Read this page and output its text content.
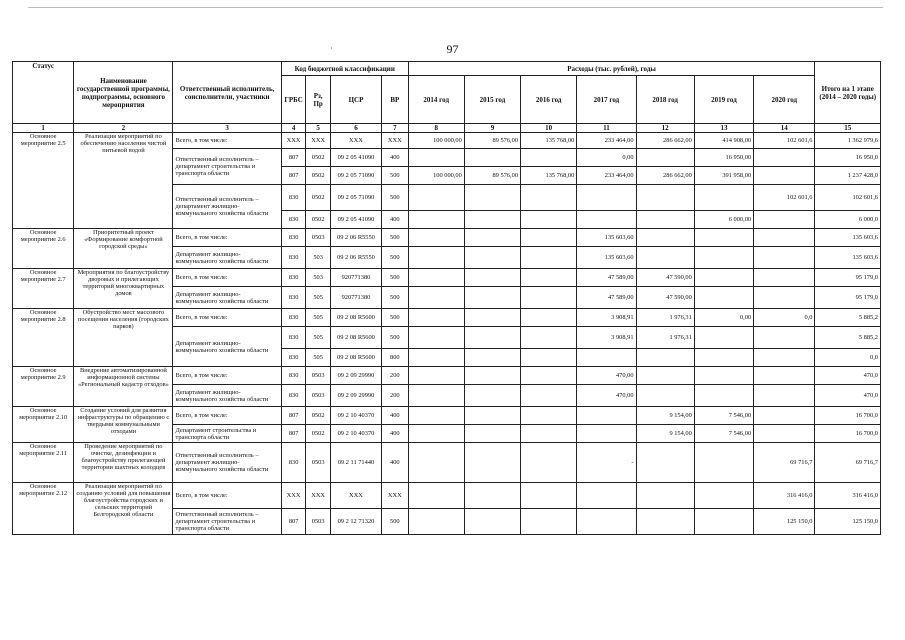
97
Статус	Наименование государственной программы, подпрограммы, основного мероприятия	Ответственный исполнитель, соисполнители, участники	Код бюджетной классификации				Расходы (тыс. рублей), годы							Итого на 1 этапе (2014 – 2020 годы)
			ГРБС	Рз, Пр	ЦСР	ВР	2014 год	2015 год	2016 год	2017 год	2018 год	2019 год	2020 год	
1	2	3	4	5	6	7	8	9	10	11	12	13	14	15
Основное мероприятие 2.5	Реализация мероприятий по обеспечению населения чистой питьевой водой	Всего, в том числе:	XXX	XXX	XXX	XXX	100 000,00	89 576,00	135 768,00	233 464,00	286 662,00	414 908,00	102 601,6	1 362 979,6
		Ответственный исполнитель – департамент строительства и транспорта области	807	0502	09 2 05 41090	400				0,00		16 950,00		16 950,0
			807	0502	09 2 05 71090	500	100 000,00	89 576,00	135 768,00	233 464,00	286 662,00	391 958,00		1 237 428,0
		Ответственный исполнитель – департамент жилищно-коммунального хозяйства области	830	0502	09 2 05 71090	500							102 601,6	102 601,6
			830	0502	09 2 05 41090	400						6 000,00		6 000,0
Основное мероприятие 2.6	Приоритетный проект «Формирование комфортной городской среды»	Всего, в том числе:	830	0503	09 2 06 R5550	500				135 603,60				135 603,6
		Департамент жилищно-коммунального хозяйства области	830	503	09 2 06 R5550	500				135 603,60				135 603,6
Основное мероприятие 2.7	Мероприятия по благоустройству дворовых и прилегающих территорий многоквартирных домов	Всего, в том числе:	830	503	920771380	500				47 589,00	47 590,00			95 179,0
		Департамент жилищно-коммунального хозяйства области	830	505	920771380	500				47 589,00	47 590,00			95 179,0
Основное мероприятие 2.8	Обустройство мест массового посещения населения (городских парков)	Всего, в том числе:	830	505	09 2 08 R5600	500				3 908,91	1 976,31	0,00	0,0	5 885,2
		Департамент жилищно-коммунального хозяйства области	830	505	09 2 08 R5600	500				3 908,91	1 976,31			5 885,2
			830	505	09 2 08 R5600	800								0,0
Основное мероприятие 2.9	Внедрение автоматизированной информационной системы «Региональный кадастр отходов»	Всего, в том числе:	830	0503	09 2 09 29990	200				470,00				470,0
		Департамент жилищно-коммунального хозяйства области	830	0503	09 2 09 29990	200				470,00				470,0
Основное мероприятие 2.10	Создание условий для развития инфраструктуры по обращению с твердыми коммунальными отходами	Всего, в том числе:	807	0502	09 2 10 40370	400					9 154,00	7 546,00		16 700,0
		Департамент строительства и транспорта области	807	0502	09 2 10 40370	400					9 154,00	7 546,00		16 700,0
Основное мероприятие 2.11	Проведение мероприятий по очистке, дезинфекции и благоустройству прилегающей территории шахтных колодцев	Ответственный исполнитель – департамент жилищно-коммунального хозяйства области	830	0503	09 2 11 71440	400				-			69 716,7	69 716,7
Основное мероприятие 2.12	Реализация мероприятий по созданию условий для повышения благоустройства городских и сельских территорий Белгородской области	Всего, в том числе:	XXX	XXX	XXX	XXX							316 416,0	316 416,0
		Ответственный исполнитель – департамент строительства и транспорта области	807	0503	09 2 12 71320	500							125 150,0	125 150,0
·
